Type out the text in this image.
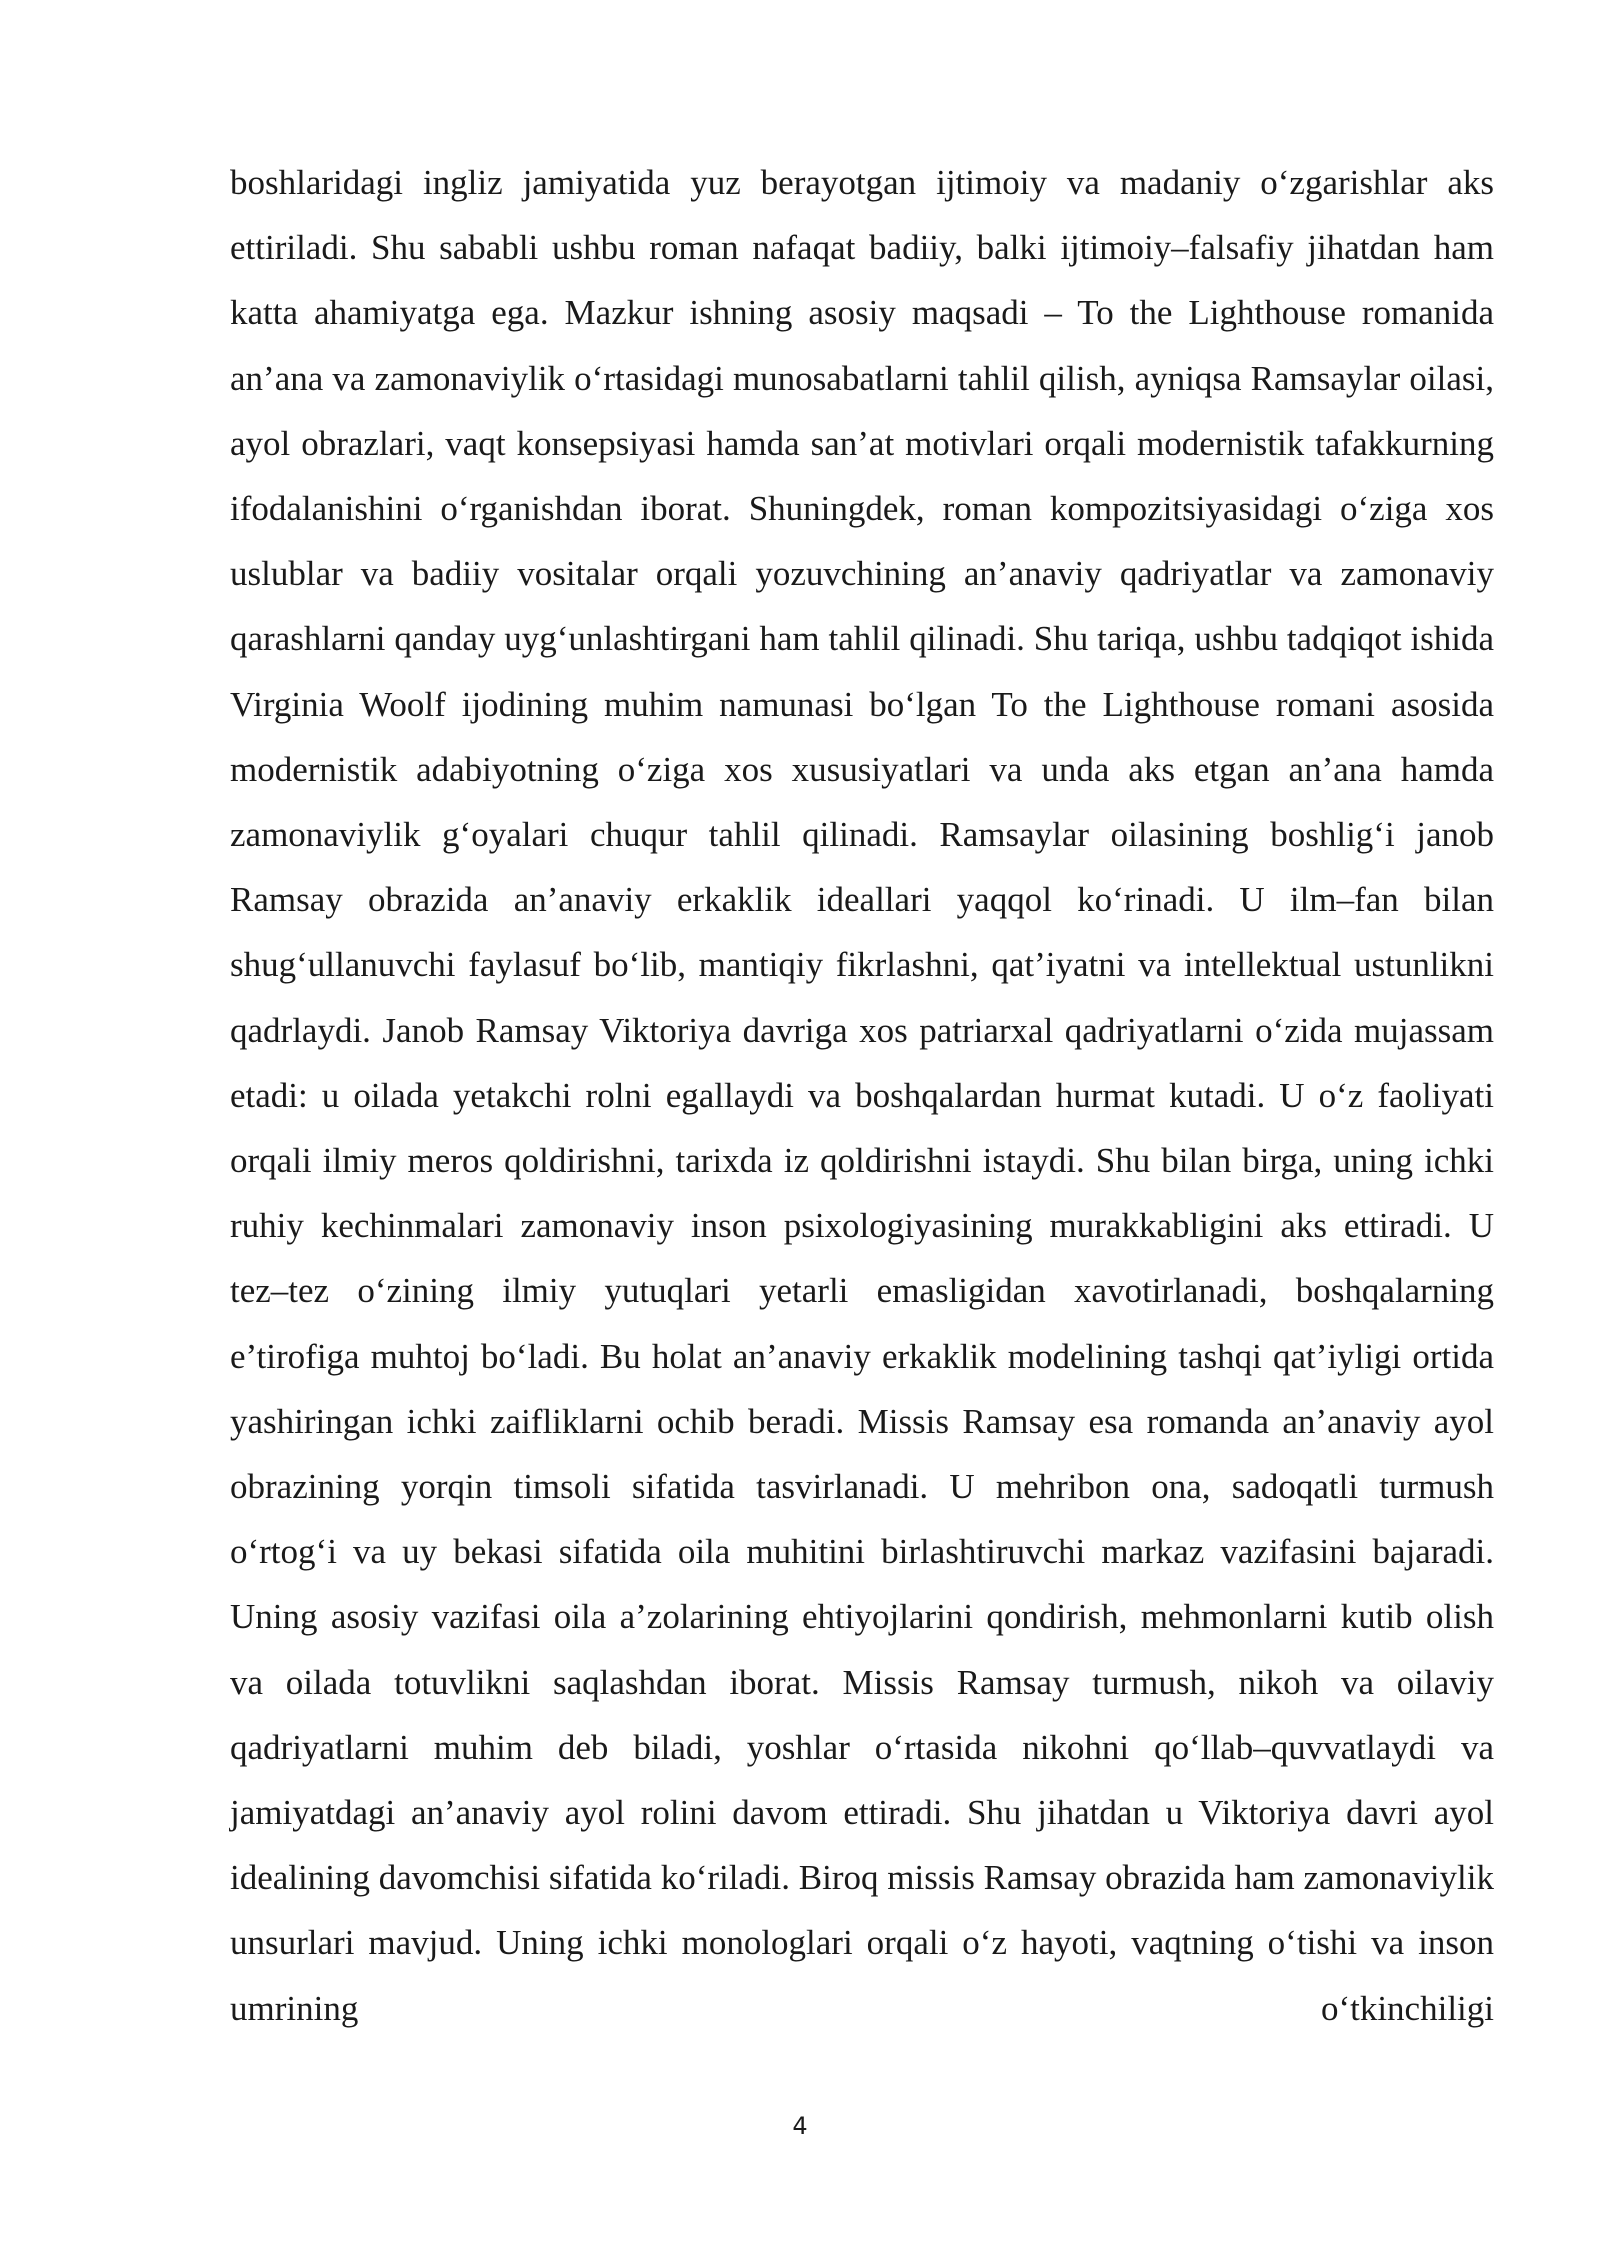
boshlaridagi ingliz jamiyatida yuz berayotgan ijtimoiy va madaniy o‘zgarishlar aks ettiriladi. Shu sababli ushbu roman nafaqat badiiy, balki ijtimoiy–falsafiy jihatdan ham katta ahamiyatga ega. Mazkur ishning asosiy maqsadi – To the Lighthouse romanida an’ana va zamonaviylik o‘rtasidagi munosabatlarni tahlil qilish, ayniqsa Ramsaylar oilasi, ayol obrazlari, vaqt konsepsiyasi hamda san’at motivlari orqali modernistik tafakkurning ifodalanishini o‘rganishdan iborat. Shuningdek, roman kompozitsiyasidagi o‘ziga xos uslublar va badiiy vositalar orqali yozuvchining an’anaviy qadriyatlar va zamonaviy qarashlarni qanday uyg‘unlashtirgani ham tahlil qilinadi. Shu tariqa, ushbu tadqiqot ishida Virginia Woolf ijodining muhim namunasi bo‘lgan To the Lighthouse romani asosida modernistik adabiyotning o‘ziga xos xususiyatlari va unda aks etgan an’ana hamda zamonaviylik g‘oyalari chuqur tahlil qilinadi. Ramsaylar oilasining boshlig‘i janob Ramsay obrazida an’anaviy erkaklik ideallari yaqqol ko‘rinadi. U ilm–fan bilan shug‘ullanuvchi faylasuf bo‘lib, mantiqiy fikrlashni, qat’iyatni va intellektual ustunlikni qadrlaydi. Janob Ramsay Viktoriya davriga xos patriarxal qadriyatlarni o‘zida mujassam etadi: u oilada yetakchi rolni egallaydi va boshqalardan hurmat kutadi. U o‘z faoliyati orqali ilmiy meros qoldirishni, tarixda iz qoldirishni istaydi. Shu bilan birga, uning ichki ruhiy kechinmalari zamonaviy inson psixologiyasining murakkabligini aks ettiradi. U tez–tez o‘zining ilmiy yutuqlari yetarli emasligidan xavotirlanadi, boshqalarning e’tirofiga muhtoj bo‘ladi. Bu holat an’anaviy erkaklik modelining tashqi qat’iyligi ortida yashiringan ichki zaifliklarni ochib beradi. Missis Ramsay esa romanda an’anaviy ayol obrazining yorqin timsoli sifatida tasvirlanadi. U mehribon ona, sadoqatli turmush o‘rtog‘i va uy bekasi sifatida oila muhitini birlashtiruvchi markaz vazifasini bajaradi. Uning asosiy vazifasi oila a’zolarining ehtiyojlarini qondirish, mehmonlarni kutib olish va oilada totuvlikni saqlashdan iborat. Missis Ramsay turmush, nikoh va oilaviy qadriyatlarni muhim deb biladi, yoshlar o‘rtasida nikohni qo‘llab–quvvatlaydi va jamiyatdagi an’anaviy ayol rolini davom ettiradi. Shu jihatdan u Viktoriya davri ayol idealining davomchisi sifatida ko‘riladi. Biroq missis Ramsay obrazida ham zamonaviylik unsurlari mavjud. Uning ichki monologlari orqali o‘z hayoti, vaqtning o‘tishi va inson umrining o‘tkinchiligi

4
